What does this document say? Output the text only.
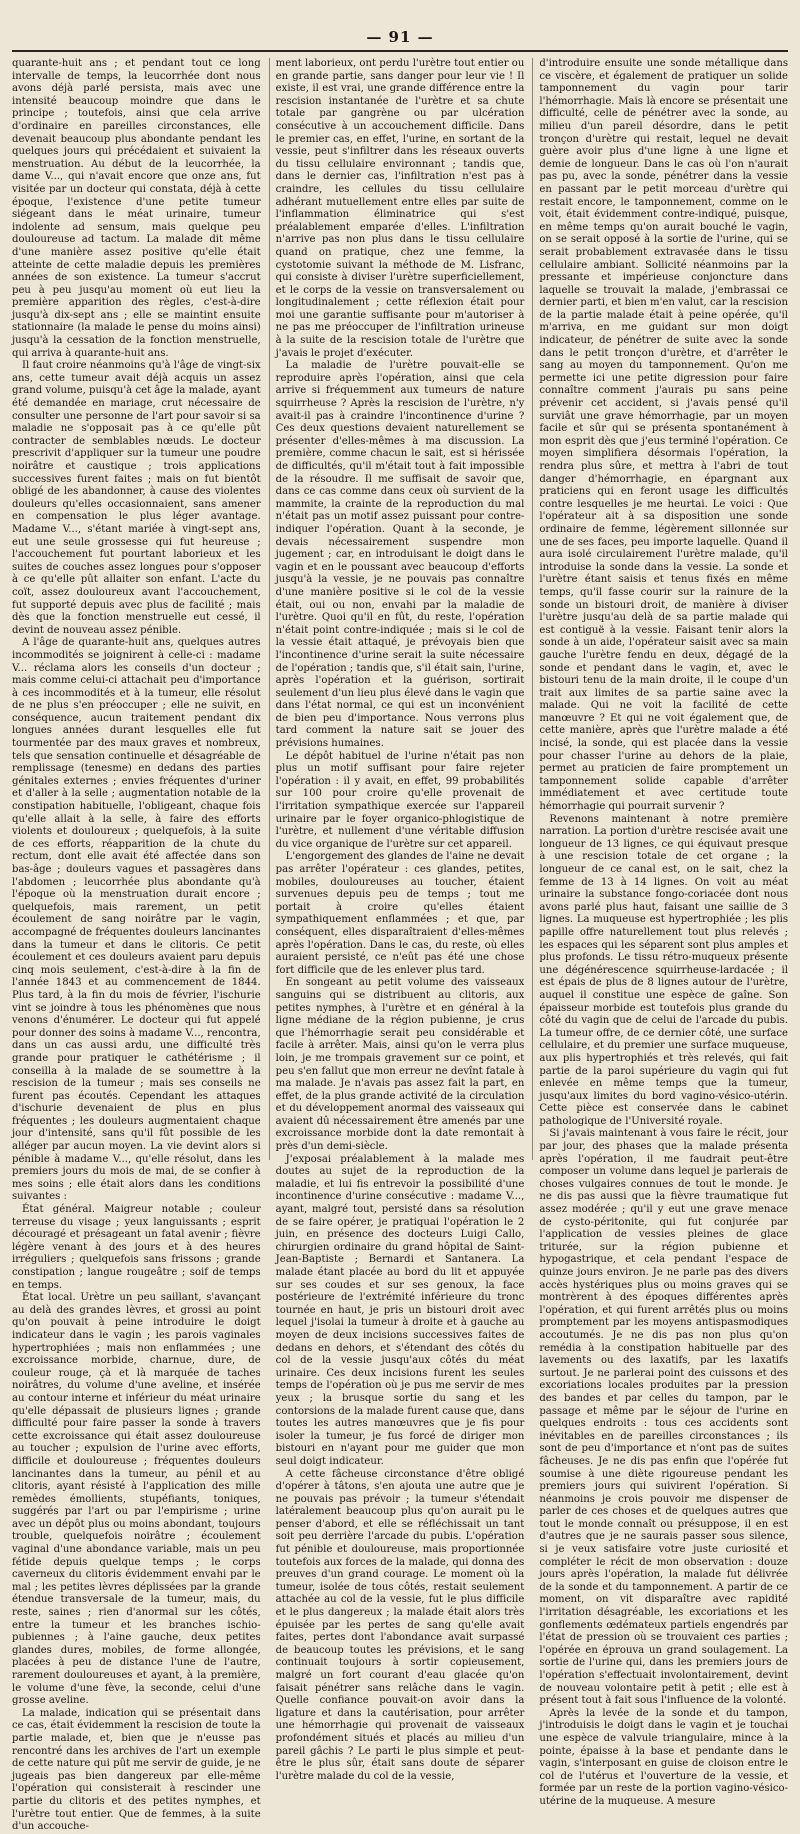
— 91 —

quarante-huit ans ; et pendant tout ce long intervalle de temps, la leucorrhée dont nous avons déjà parlé persista, mais avec une intensité beaucoup moindre que dans le principe ; toutefois, ainsi que cela arrive d'ordinaire en pareilles circonstances, elle devenait beaucoup plus abondante pendant les quelques jours qui précédaient et suivaient la menstruation. Au début de la leucorrhée, la dame V..., qui n'avait encore que onze ans, fut visitée par un docteur qui constata, déjà à cette époque, l'existence d'une petite tumeur siégeant dans le méat urinaire, tumeur indolente ad sensum, mais quelque peu douloureuse ad tactum. La malade dit même d'une manière assez positive qu'elle était atteinte de cette maladie depuis les premières années de son existence. La tumeur s'accrut peu à peu jusqu'au moment où eut lieu la première apparition des règles, c'est-à-dire jusqu'à dix-sept ans ; elle se maintint ensuite stationnaire (la malade le pense du moins ainsi) jusqu'à la cessation de la fonction menstruelle, qui arriva à quarante-huit ans.

Il faut croire néanmoins qu'à l'âge de vingt-six ans, cette tumeur avait déjà acquis un assez grand volume, puisqu'à cet âge la malade, ayant été demandée en mariage, crut nécessaire de consulter une personne de l'art pour savoir si sa maladie ne s'opposait pas à ce qu'elle pût contracter de semblables nœuds. Le docteur prescrivit d'appliquer sur la tumeur une poudre noirâtre et caustique ; trois applications successives furent faites ; mais on fut bientôt obligé de les abandonner, à cause des violentes douleurs qu'elles occasionnaient, sans amener en compensation le plus léger avantage. Madame V..., s'étant mariée à vingt-sept ans, eut une seule grossesse qui fut heureuse ; l'accouchement fut pourtant laborieux et les suites de couches assez longues pour s'opposer à ce qu'elle pût allaiter son enfant. L'acte du coït, assez douloureux avant l'accouchement, fut supporté depuis avec plus de facilité ; mais dès que la fonction menstruelle eut cessé, il devint de nouveau assez pénible.

A l'âge de quarante-huit ans, quelques autres incommodités se joignirent à celle-ci : madame V... réclama alors les conseils d'un docteur ; mais comme celui-ci attachait peu d'importance à ces incommodités et à la tumeur, elle résolut de ne plus s'en préoccuper ; elle ne suivit, en conséquence, aucun traitement pendant dix longues années durant lesquelles elle fut tourmentée par des maux graves et nombreux, tels que sensation continuelle et désagréable de remplissage (tenesme) en dedans des parties génitales externes ; envies fréquentes d'uriner et d'aller à la selle ; augmentation notable de la constipation habituelle, l'obligeant, chaque fois qu'elle allait à la selle, à faire des efforts violents et douloureux ; quelquefois, à la suite de ces efforts, réapparition de la chute du rectum, dont elle avait été affectée dans son bas-âge ; douleurs vagues et passagères dans l'abdomen ; leucorrhée plus abondante qu'à l'époque où la menstruation durait encore ; quelquefois, mais rarement, un petit écoulement de sang noirâtre par le vagin, accompagné de fréquentes douleurs lancinantes dans la tumeur et dans le clitoris. Ce petit écoulement et ces douleurs avaient paru depuis cinq mois seulement, c'est-à-dire à la fin de l'année 1843 et au commencement de 1844. Plus tard, à la fin du mois de février, l'ischurie vint se joindre à tous les phénomènes que nous venons d'énumérer. Le docteur qui fut appelé pour donner des soins à madame V..., rencontra, dans un cas aussi ardu, une difficulté très grande pour pratiquer le cathétérisme ; il conseilla à la malade de se soumettre à la rescision de la tumeur ; mais ses conseils ne furent pas écoutés. Cependant les attaques d'ischurie devenaient de plus en plus fréquentes ; les douleurs augmentaient chaque jour d'intensité, sans qu'il fût possible de les alléger par aucun moyen. La vie devint alors si pénible à madame V..., qu'elle résolut, dans les premiers jours du mois de mai, de se confier à mes soins ; elle était alors dans les conditions suivantes :

État général. Maigreur notable ; couleur terreuse du visage ; yeux languissants ; esprit découragé et présageant un fatal avenir ; fièvre légère venant à des jours et à des heures irréguliers ; quelquefois sans frissons ; grande constipation ; langue rougeâtre ; soif de temps en temps.

État local. Urètre un peu saillant, s'avançant au delà des grandes lèvres, et grossi au point qu'on pouvait à peine introduire le doigt indicateur dans le vagin ; les parois vaginales hypertrophiées ; mais non enflammées ; une excroissance morbide, charnue, dure, de couleur rouge, çà et là marquée de taches noirâtres, du volume d'une aveline, et insérée au contour interne et inférieur du méat urinaire qu'elle dépassait de plusieurs lignes ; grande difficulté pour faire passer la sonde à travers cette excroissance qui était assez douloureuse au toucher ; expulsion de l'urine avec efforts, difficile et douloureuse ; fréquentes douleurs lancinantes dans la tumeur, au pénil et au clitoris, ayant résisté à l'application des mille remèdes émollients, stupéfiants, toniques, suggérés par l'art ou par l'empirisme ; urine avec un dépôt plus ou moins abondant, toujours trouble, quelquefois noirâtre ; écoulement vaginal d'une abondance variable, mais un peu fétide depuis quelque temps ; le corps caverneux du clitoris évidemment envahi par le mal ; les petites lèvres déplissées par la grande étendue transversale de la tumeur, mais, du reste, saines ; rien d'anormal sur les côtés, entre la tumeur et les branches ischio-pubiennes ; à l'aine gauche, deux petites glandes dures, mobiles, de forme allongée, placées à peu de distance l'une de l'autre, rarement douloureuses et ayant, à la première, le volume d'une fève, la seconde, celui d'une grosse aveline.

La malade, indication qui se présentait dans ce cas, était évidemment la rescision de toute la partie malade, et, bien que je n'eusse pas rencontré dans les archives de l'art un exemple de cette nature qui pût me servir de guide, je ne jugeais pas bien dangereux par elle-même l'opération qui consisterait à rescinder une partie du clitoris et des petites nymphes, et l'urètre tout entier. Que de femmes, à la suite d'un accouche-

ment laborieux, ont perdu l'urètre tout entier ou en grande partie, sans danger pour leur vie ! Il existe, il est vrai, une grande différence entre la rescision instantanée de l'urètre et sa chute totale par gangrène ou par ulcération consécutive à un accouchement difficile. Dans le premier cas, en effet, l'urine, en sortant de la vessie, peut s'infiltrer dans les réseaux ouverts du tissu cellulaire environnant ; tandis que, dans le dernier cas, l'infiltration n'est pas à craindre, les cellules du tissu cellulaire adhérant mutuellement entre elles par suite de l'inflammation éliminatrice qui s'est préalablement emparée d'elles. L'infiltration n'arrive pas non plus dans le tissu cellulaire quand on pratique, chez une femme, la cystotomie suivant la méthode de M. Lisfranc, qui consiste à diviser l'urètre superficiellement, et le corps de la vessie on transversalement ou longitudinalement ; cette réflexion était pour moi une garantie suffisante pour m'autoriser à ne pas me préoccuper de l'infiltration urineuse à la suite de la rescision totale de l'urètre que j'avais le projet d'exécuter.

La maladie de l'urètre pouvait-elle se reproduire après l'opération, ainsi que cela arrive si fréquemment aux tumeurs de nature squirrheuse ? Après la rescision de l'urètre, n'y avait-il pas à craindre l'incontinence d'urine ? Ces deux questions devaient naturellement se présenter d'elles-mêmes à ma discussion. La première, comme chacun le sait, est si hérissée de difficultés, qu'il m'était tout à fait impossible de la résoudre. Il me suffisait de savoir que, dans ce cas comme dans ceux où survient de la mammite, la crainte de la reproduction du mal n'était pas un motif assez puissant pour contre-indiquer l'opération. Quant à la seconde, je devais nécessairement suspendre mon jugement ; car, en introduisant le doigt dans le vagin et en le poussant avec beaucoup d'efforts jusqu'à la vessie, je ne pouvais pas connaître d'une manière positive si le col de la vessie était, oui ou non, envahi par la maladie de l'urètre. Quoi qu'il en fût, du reste, l'opération n'était point contre-indiquée ; mais si le col de la vessie était attaqué, je prévoyais bien que l'incontinence d'urine serait la suite nécessaire de l'opération ; tandis que, s'il était sain, l'urine, après l'opération et la guérison, sortirait seulement d'un lieu plus élevé dans le vagin que dans l'état normal, ce qui est un inconvénient de bien peu d'importance. Nous verrons plus tard comment la nature sait se jouer des prévisions humaines.

Le dépôt habituel de l'urine n'était pas non plus un motif suffisant pour faire rejeter l'opération : il y avait, en effet, 99 probabilités sur 100 pour croire qu'elle provenait de l'irritation sympathique exercée sur l'appareil urinaire par le foyer organico-phlogistique de l'urètre, et nullement d'une véritable diffusion du vice organique de l'urètre sur cet appareil.

L'engorgement des glandes de l'aine ne devait pas arrêter l'opérateur : ces glandes, petites, mobiles, douloureuses au toucher, étaient survenues depuis peu de temps ; tout me portait à croire qu'elles étaient sympathiquement enflammées ; et que, par conséquent, elles disparaîtraient d'elles-mêmes après l'opération. Dans le cas, du reste, où elles auraient persisté, ce n'eût pas été une chose fort difficile que de les enlever plus tard.

En songeant au petit volume des vaisseaux sanguins qui se distribuent au clitoris, aux petites nymphes, à l'urètre et en général à la ligne médiane de la région pubienne, je crus que l'hémorrhagie serait peu considérable et facile à arrêter. Mais, ainsi qu'on le verra plus loin, je me trompais gravement sur ce point, et peu s'en fallut que mon erreur ne devînt fatale à ma malade. Je n'avais pas assez fait la part, en effet, de la plus grande activité de la circulation et du développement anormal des vaisseaux qui avaient dû nécessairement être amenés par une excroissance morbide dont la date remontait à près d'un demi-siècle.

J'exposai préalablement à la malade mes doutes au sujet de la reproduction de la maladie, et lui fis entrevoir la possibilité d'une incontinence d'urine consécutive : madame V..., ayant, malgré tout, persisté dans sa résolution de se faire opérer, je pratiquai l'opération le 2 juin, en présence des docteurs Luigi Callo, chirurgien ordinaire du grand hôpital de Saint-Jean-Baptiste ; Bernardi et Santanera. La malade étant placée au bord du lit et appuyée sur ses coudes et sur ses genoux, la face postérieure de l'extrémité inférieure du tronc tournée en haut, je pris un bistouri droit avec lequel j'isolai la tumeur à droite et à gauche au moyen de deux incisions successives faites de dedans en dehors, et s'étendant des côtés du col de la vessie jusqu'aux côtés du méat urinaire. Ces deux incisions furent les seules temps de l'opération où je pus me servir de mes yeux ; la brusque sortie du sang et les contorsions de la malade furent cause que, dans toutes les autres manœuvres que je fis pour isoler la tumeur, je fus forcé de diriger mon bistouri en n'ayant pour me guider que mon seul doigt indicateur.

A cette fâcheuse circonstance d'être obligé d'opérer à tâtons, s'en ajouta une autre que je ne pouvais pas prévoir ; la tumeur s'étendait latéralement beaucoup plus qu'on aurait pu le penser d'abord, et elle se réfléchissait un tant soit peu derrière l'arcade du pubis. L'opération fut pénible et douloureuse, mais proportionnée toutefois aux forces de la malade, qui donna des preuves d'un grand courage. Le moment où la tumeur, isolée de tous côtés, restait seulement attachée au col de la vessie, fut le plus difficile et le plus dangereux ; la malade était alors très épuisée par les pertes de sang qu'elle avait faites, pertes dont l'abondance avait surpassé de beaucoup toutes les prévisions, et le sang continuait toujours à sortir copieusement, malgré un fort courant d'eau glacée qu'on faisait pénétrer sans relâche dans le vagin. Quelle confiance pouvait-on avoir dans la ligature et dans la cautérisation, pour arrêter une hémorrhagie qui provenait de vaisseaux profondément situés et placés au milieu d'un pareil gâchis ? Le parti le plus simple et peut-être le plus sûr, était sans doute de séparer l'urètre malade du col de la vessie,

d'introduire ensuite une sonde métallique dans ce viscère, et également de pratiquer un solide tamponnement du vagin pour tarir l'hémorrhagie. Mais là encore se présentait une difficulté, celle de pénétrer avec la sonde, au milieu d'un pareil désordre, dans le petit tronçon d'urètre qui restait, lequel ne devait guère avoir plus d'une ligne à une ligne et demie de longueur. Dans le cas où l'on n'aurait pas pu, avec la sonde, pénétrer dans la vessie en passant par le petit morceau d'urètre qui restait encore, le tamponnement, comme on le voit, était évidemment contre-indiqué, puisque, en même temps qu'on aurait bouché le vagin, on se serait opposé à la sortie de l'urine, qui se serait probablement extravasée dans le tissu cellulaire ambiant. Sollicité néanmoins par la pressante et impérieuse conjoncture dans laquelle se trouvait la malade, j'embrassai ce dernier parti, et bien m'en valut, car la rescision de la partie malade était à peine opérée, qu'il m'arriva, en me guidant sur mon doigt indicateur, de pénétrer de suite avec la sonde dans le petit tronçon d'urètre, et d'arrêter le sang au moyen du tamponnement. Qu'on me permette ici une petite digression pour faire connaître comment j'aurais pu sans peine prévenir cet accident, si j'avais pensé qu'il surviât une grave hémorrhagie, par un moyen facile et sûr qui se présenta spontanément à mon esprit dès que j'eus terminé l'opération. Ce moyen simplifiera désormais l'opération, la rendra plus sûre, et mettra à l'abri de tout danger d'hémorrhagie, en épargnant aux praticiens qui en feront usage les difficultés contre lesquelles je me heurtai. Le voici : Que l'opérateur ait à sa disposition une sonde ordinaire de femme, légèrement sillonnée sur une de ses faces, peu importe laquelle. Quand il aura isolé circulairement l'urètre malade, qu'il introduise la sonde dans la vessie. La sonde et l'urètre étant saisis et tenus fixés en même temps, qu'il fasse courir sur la rainure de la sonde un bistouri droit, de manière à diviser l'urètre jusqu'au delà de sa partie malade qui est contiguë à la vessie. Faisant tenir alors la sonde à un aide, l'opérateur saisit avec sa main gauche l'urètre fendu en deux, dégagé de la sonde et pendant dans le vagin, et, avec le bistouri tenu de la main droite, il le coupe d'un trait aux limites de sa partie saine avec la malade. Qui ne voit la facilité de cette manœuvre ? Et qui ne voit également que, de cette manière, après que l'urètre malade a été incisé, la sonde, qui est placée dans la vessie pour chasser l'urine au dehors de la plaie, permet au praticien de faire promptement un tamponnement solide capable d'arrêter immédiatement et avec certitude toute hémorrhagie qui pourrait survenir ?

Revenons maintenant à notre première narration. La portion d'urètre rescisée avait une longueur de 13 lignes, ce qui équivaut presque à une rescision totale de cet organe ; la longueur de ce canal est, on le sait, chez la femme de 13 à 14 lignes. On voit au méat urinaire la substance fongo-coriacée dont nous avons parlé plus haut, faisant une saillie de 3 lignes. La muqueuse est hypertrophiée ; les plis papille offre naturellement tout plus relevés ; les espaces qui les séparent sont plus amples et plus profonds. Le tissu rétro-muqueux présente une dégénérescence squirrheuse-lardacée ; il est épais de plus de 8 lignes autour de l'urètre, auquel il constitue une espèce de gaîne. Son épaisseur morbide est toutefois plus grande du côté du vagin que de celui de l'arcade du pubis. La tumeur offre, de ce dernier côté, une surface cellulaire, et du premier une surface muqueuse, aux plis hypertrophiés et très relevés, qui fait partie de la paroi supérieure du vagin qui fut enlevée en même temps que la tumeur, jusqu'aux limites du bord vagino-vésico-utérin. Cette pièce est conservée dans le cabinet pathologique de l'Université royale.

Si j'avais maintenant à vous faire le récit, jour par jour, des phases que la malade présenta après l'opération, il me faudrait peut-être composer un volume dans lequel je parlerais de choses vulgaires connues de tout le monde. Je ne dis pas aussi que la fièvre traumatique fut assez modérée ; qu'il y eut une grave menace de cysto-péritonite, qui fut conjurée par l'application de vessies pleines de glace triturée, sur la région pubienne et hypogastrique, et cela pendant l'espace de quinze jours environ. Je ne parle pas des divers accès hystériques plus ou moins graves qui se montrèrent à des époques différentes après l'opération, et qui furent arrêtés plus ou moins promptement par les moyens antispasmodiques accoutumés. Je ne dis pas non plus qu'on remédia à la constipation habituelle par des lavements ou des laxatifs, par les laxatifs surtout. Je ne parlerai point des cuissons et des excoriations locales produites par la pression des bandes et par celles du tampon, par le passage et même par le séjour de l'urine en quelques endroits : tous ces accidents sont inévitables en de pareilles circonstances ; ils sont de peu d'importance et n'ont pas de suites fâcheuses. Je ne dis pas enfin que l'opérée fut soumise à une diète rigoureuse pendant les premiers jours qui suivirent l'opération. Si néanmoins je crois pouvoir me dispenser de parler de ces choses et de quelques autres que tout le monde connaît ou présuppose, il en est d'autres que je ne saurais passer sous silence, si je veux satisfaire votre juste curiosité et compléter le récit de mon observation : douze jours après l'opération, la malade fut délivrée de la sonde et du tamponnement. A partir de ce moment, on vit disparaître avec rapidité l'irritation désagréable, les excoriations et les gonflements œdémateux partiels engendrés par l'état de pression où se trouvaient ces parties ; l'opérée en éprouva un grand soulagement. La sortie de l'urine qui, dans les premiers jours de l'opération s'effectuait involontairement, devint de nouveau volontaire petit à petit ; elle est à présent tout à fait sous l'influence de la volonté.

Après la levée de la sonde et du tampon, j'introduisis le doigt dans le vagin et je touchai une espèce de valvule triangulaire, mince à la pointe, épaisse à la base et pendante dans le vagin, s'interposant en guise de cloison entre le col de l'utérus et l'ouverture de la vessie, et formée par un reste de la portion vagino-vésico-utérine de la muqueuse. A mesure
